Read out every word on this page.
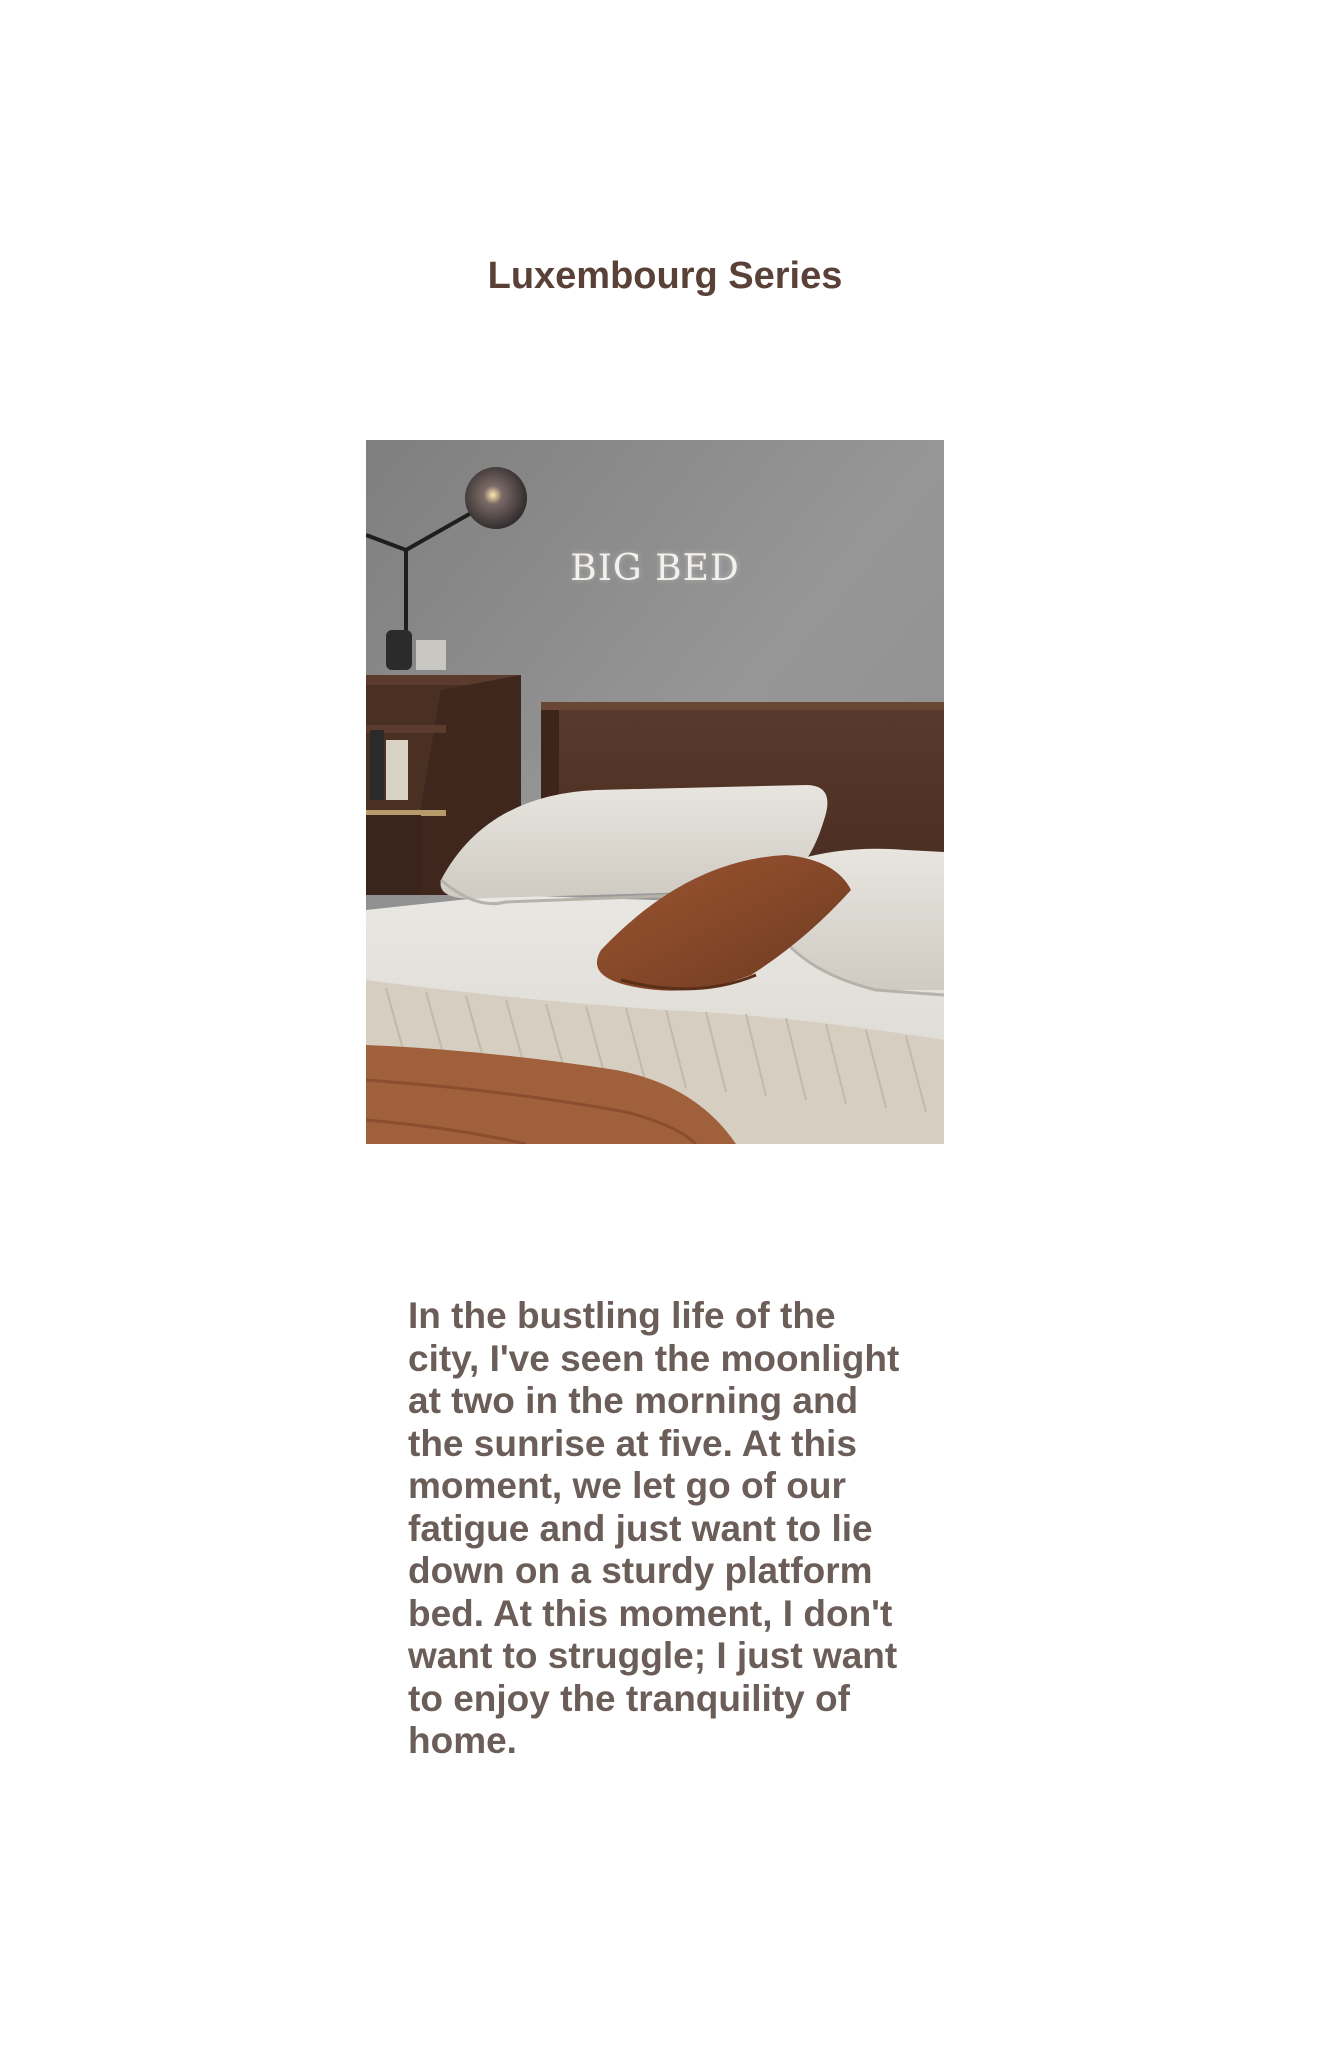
Luxembourg Series
BIG BED

In the bustling life of the city, I've seen the moonlight at two in the morning and the sunrise at five. At this moment, we let go of our fatigue and just want to lie down on a sturdy platform bed. At this moment, I don't want to struggle; I just want to enjoy the tranquility of home.
